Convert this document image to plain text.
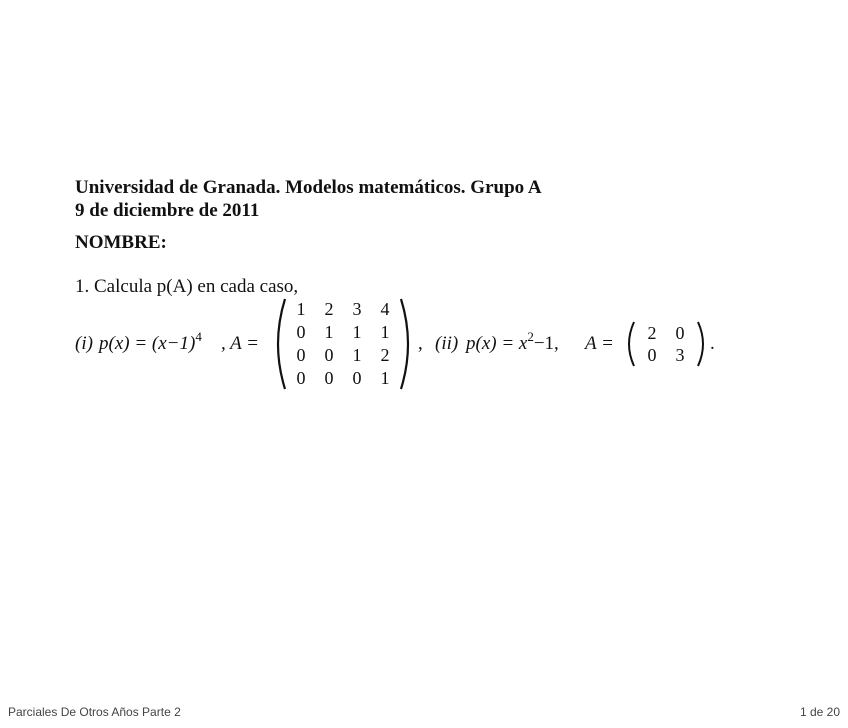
Universidad de Granada. Modelos matemáticos. Grupo A
9 de diciembre de 2011
NOMBRE:
1. Calcula p(A) en cada caso,
(i) $p(x) = (x-1)^4$ , A =
1	2	3	4
0	1	1	1
0	0	1	2
0	0	0	1
, (ii) $p(x) = x^2-1$, A =	2	0
0	3
.
Parciales De Otros Años Parte 2	1 de 20
